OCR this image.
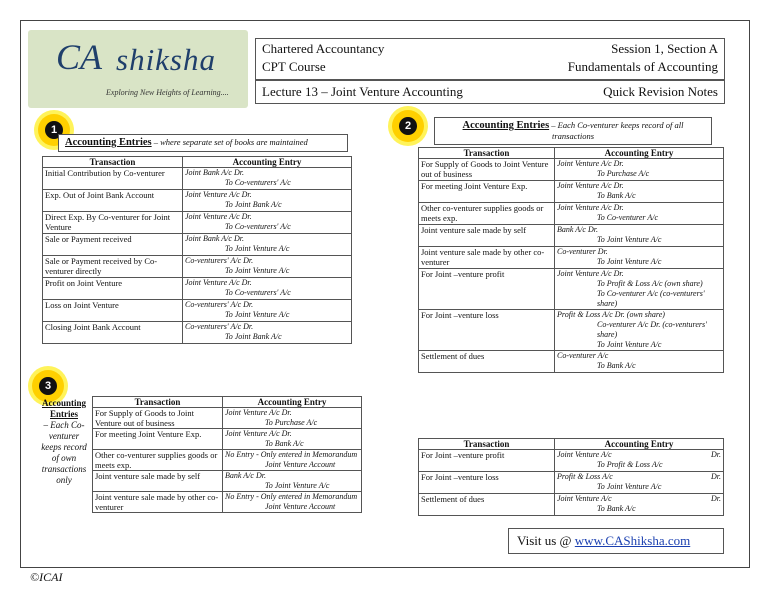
CA shiksha
Exploring New Heights of Learning....
Chartered Accountancy
CPT Course
Session 1, Section A
Fundamentals of Accounting
Lecture 13 – Joint Venture Accounting	Quick Revision Notes
1
Accounting Entries – where separate set of books are maintained
Transaction	Accounting Entry
Initial Contribution by Co-venturer	Joint Bank A/c Dr.
To Co-venturers' A/c

Exp. Out of Joint Bank Account	Joint Venture A/c Dr.
To Joint Bank A/c

Direct Exp. By Co-venturer for Joint Venture	Joint Venture A/c Dr.
To Co-venturers' A/c

Sale or Payment received	Joint Bank A/c Dr.
To Joint Venture A/c

Sale or Payment received by Co-venturer directly	Co-venturers' A/c Dr.
To Joint Venture A/c

Profit on Joint Venture	Joint Venture A/c Dr.
To Co-venturers' A/c

Loss on Joint Venture	Co-venturers' A/c Dr.
To Joint Venture A/c

Closing Joint Bank Account	Co-venturers' A/c Dr.
To Joint Bank A/c
2	Accounting Entries – Each Co-venturer keeps record of all transactions
Transaction	Accounting Entry
For Supply of Goods to Joint Venture out of business	Joint Venture A/c Dr.
To Purchase A/c

For meeting Joint Venture Exp.	Joint Venture A/c Dr.
To Bank A/c

Other co-venturer supplies goods or meets exp.	Joint Venture A/c Dr.
To Co-venturer A/c

Joint venture sale made by self	Bank A/c Dr.
To Joint Venture A/c

Joint venture sale made by other co-venturer	Co-venturer Dr.
To Joint Venture A/c

For Joint –venture profit	Joint Venture A/c Dr.
To Profit & Loss A/c (own share)
To Co-venturer A/c (co-venturers' share)

For Joint –venture loss	Profit & Loss A/c Dr. (own share)
Co-venturer A/c Dr. (co-venturers' share)
To Joint Venture A/c

Settlement of dues	Co-venturer A/c
To Bank A/c
3
Accounting Entries
– Each Co-venturer keeps record of own transactions only
Transaction	Accounting Entry
For Supply of Goods to Joint Venture out of business	Joint Venture A/c Dr.
To Purchase A/c

For meeting Joint Venture Exp.	Joint Venture A/c Dr.
To Bank A/c

Other co-venturer supplies goods or meets exp.	No Entry - Only entered in Memorandum
Joint Venture Account

Joint venture sale made by self	Bank A/c Dr.
To Joint Venture A/c

Joint venture sale made by other co-venturer	No Entry - Only entered in Memorandum
Joint Venture Account
Transaction	Accounting Entry
For Joint –venture profit	Joint Venture A/c Dr.
To Profit & Loss A/c

For Joint –venture loss	Profit & Loss A/c Dr.
To Joint Venture A/c

Settlement of dues	Joint Venture A/c Dr.
To Bank A/c
Visit us @ www.CAShiksha.com
©ICAI
